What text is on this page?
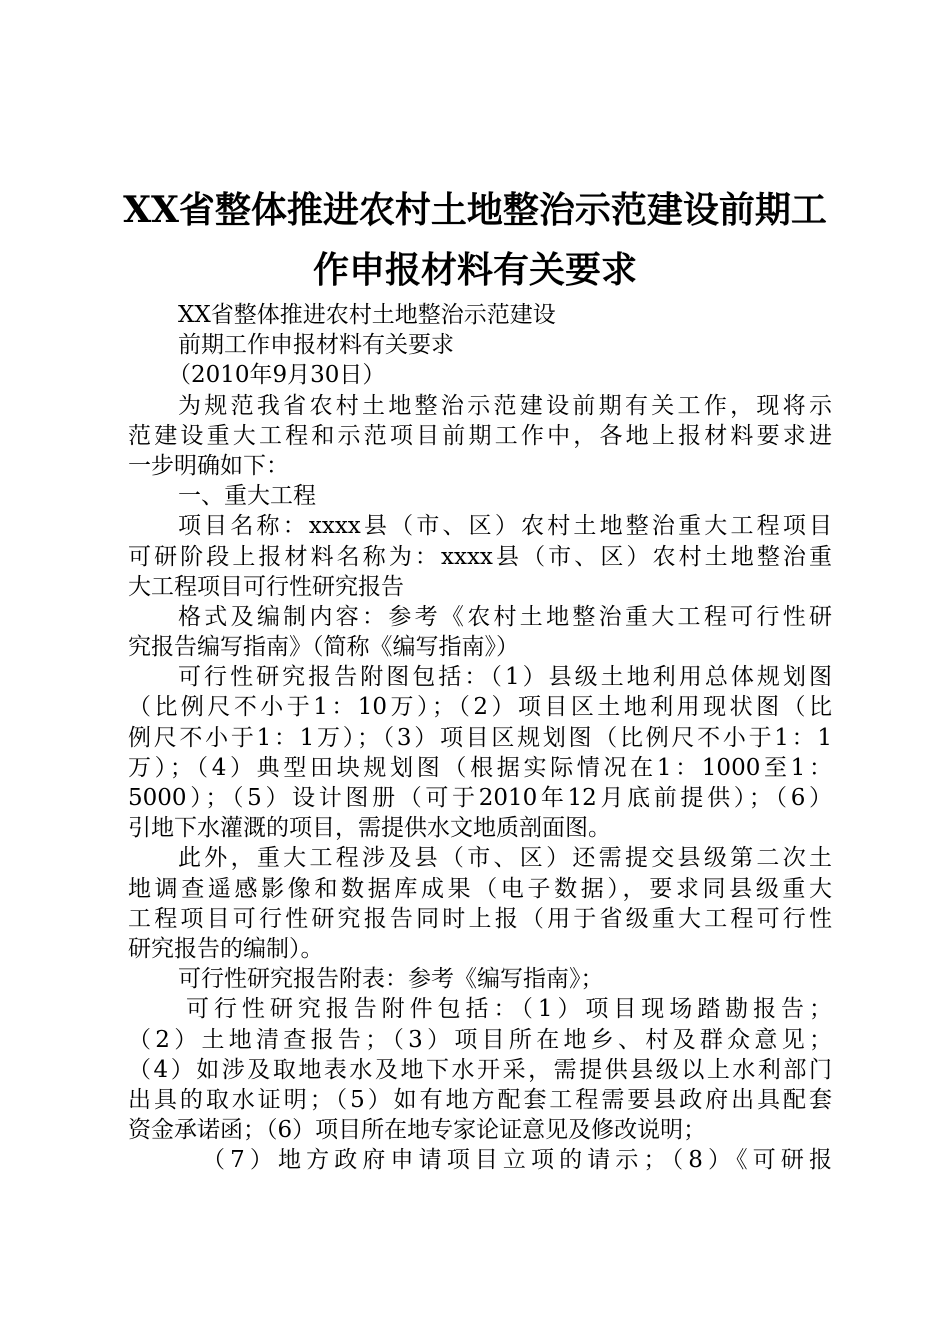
XX省整体推进农村土地整治示范建设前期工
作申报材料有关要求
XX省整体推进农村土地整治示范建设
前期工作申报材料有关要求
（2010年9月30日）
为规范我省农村土地整治示范建设前期有关工作，现将示
范建设重大工程和示范项目前期工作中，各地上报材料要求进
一步明确如下：
一、重大工程
项目名称：xxxx县（市、区）农村土地整治重大工程项目
可研阶段上报材料名称为：xxxx县（市、区）农村土地整治重
大工程项目可行性研究报告
格式及编制内容：参考《农村土地整治重大工程可行性研
究报告编写指南》（简称《编写指南》）
可行性研究报告附图包括：（1）县级土地利用总体规划图
（比例尺不小于1：10万）；（2）项目区土地利用现状图（比
例尺不小于1：1万）；（3）项目区规划图（比例尺不小于1：1
万）；（4）典型田块规划图（根据实际情况在1：1000至1：
5000）；（5）设计图册（可于2010年12月底前提供）；（6）
引地下水灌溉的项目，需提供水文地质剖面图。
此外，重大工程涉及县（市、区）还需提交县级第二次土
地调查遥感影像和数据库成果（电子数据），要求同县级重大
工程项目可行性研究报告同时上报（用于省级重大工程可行性
研究报告的编制）。
可行性研究报告附表：参考《编写指南》；
可行性研究报告附件包括：（1）项目现场踏勘报告；
（2）土地清查报告；（3）项目所在地乡、村及群众意见；
（4）如涉及取地表水及地下水开采，需提供县级以上水利部门
出具的取水证明；（5）如有地方配套工程需要县政府出具配套
资金承诺函；（6）项目所在地专家论证意见及修改说明；
（7）地方政府申请项目立项的请示；（8）《可研报
